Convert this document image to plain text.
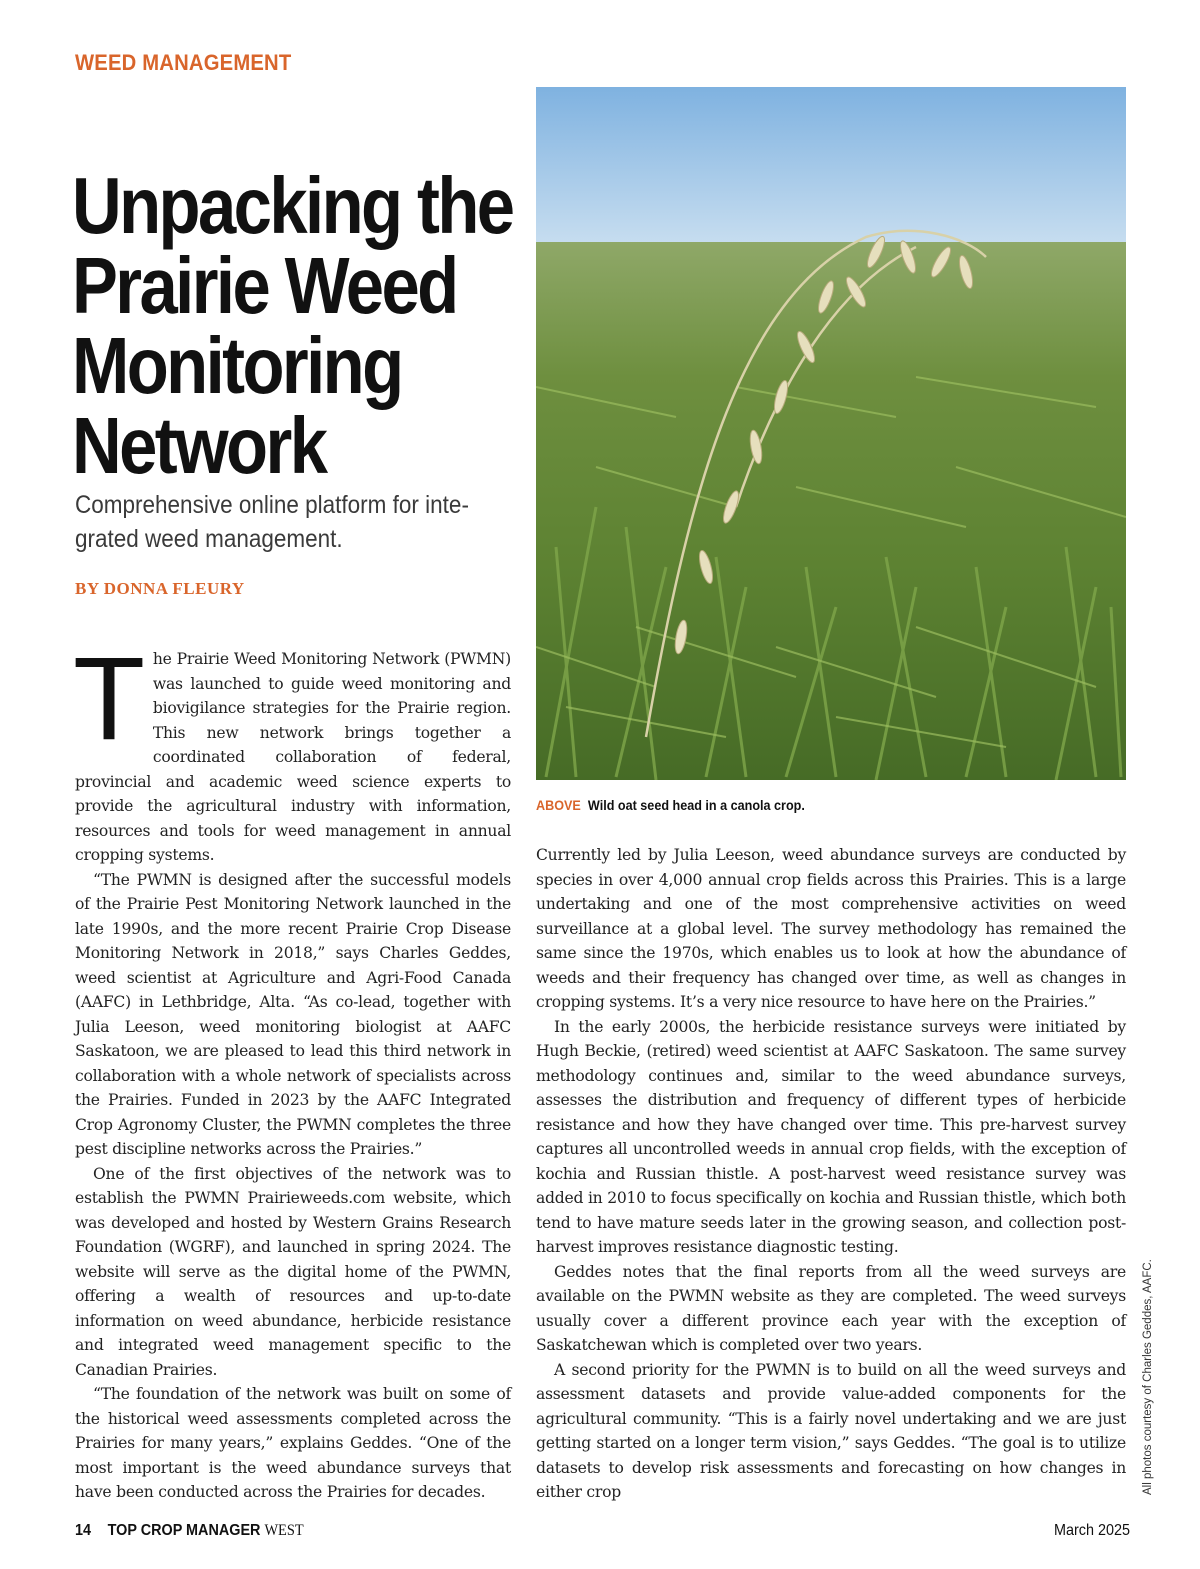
WEED MANAGEMENT
Unpacking the
Prairie Weed
Monitoring
Network
Comprehensive online platform for inte-grated weed management.
BY DONNA FLEURY
ABOVE Wild oat seed head in a canola crop.
All photos courtesy of Charles Geddes, AAFC.

The Prairie Weed Monitoring Network (PWMN) was launched to guide weed monitoring and biovigilance strategies for the Prairie region. This new network brings together a coordinated collaboration of federal, provincial and academic weed science experts to provide the agricultural industry with information, resources and tools for weed management in annual cropping systems.

“The PWMN is designed after the successful models of the Prairie Pest Monitoring Network launched in the late 1990s, and the more recent Prairie Crop Disease Monitoring Network in 2018,” says Charles Geddes, weed scientist at Agriculture and Agri-Food Canada (AAFC) in Lethbridge, Alta. “As co-lead, together with Julia Leeson, weed monitoring biologist at AAFC Saskatoon, we are pleased to lead this third network in collaboration with a whole network of specialists across the Prairies. Funded in 2023 by the AAFC Integrated Crop Agronomy Cluster, the PWMN completes the three pest discipline networks across the Prairies.”

One of the first objectives of the network was to establish the PWMN Prairieweeds.com website, which was developed and hosted by Western Grains Research Foundation (WGRF), and launched in spring 2024. The website will serve as the digital home of the PWMN, offering a wealth of resources and up-to-date information on weed abundance, herbicide resistance and integrated weed management specific to the Canadian Prairies.

“The foundation of the network was built on some of the historical weed assessments completed across the Prairies for many years,” explains Geddes. “One of the most important is the weed abundance surveys that have been conducted across the Prairies for decades.

Currently led by Julia Leeson, weed abundance surveys are conducted by species in over 4,000 annual crop fields across this Prairies. This is a large undertaking and one of the most comprehensive activities on weed surveillance at a global level. The survey methodology has remained the same since the 1970s, which enables us to look at how the abundance of weeds and their frequency has changed over time, as well as changes in cropping systems. It’s a very nice resource to have here on the Prairies.”

In the early 2000s, the herbicide resistance surveys were initiated by Hugh Beckie, (retired) weed scientist at AAFC Saskatoon. The same survey methodology continues and, similar to the weed abundance surveys, assesses the distribution and frequency of different types of herbicide resistance and how they have changed over time. This pre-harvest survey captures all uncontrolled weeds in annual crop fields, with the exception of kochia and Russian thistle. A post-harvest weed resistance survey was added in 2010 to focus specifically on kochia and Russian thistle, which both tend to have mature seeds later in the growing season, and collection post-harvest improves resistance diagnostic testing.

Geddes notes that the final reports from all the weed surveys are available on the PWMN website as they are completed. The weed surveys usually cover a different province each year with the exception of Saskatchewan which is completed over two years.

A second priority for the PWMN is to build on all the weed surveys and assessment datasets and provide value-added components for the agricultural community. “This is a fairly novel undertaking and we are just getting started on a longer term vision,” says Geddes. “The goal is to utilize datasets to develop risk assessments and forecasting on how changes in either crop

14 TOP CROP MANAGER WEST	March 2025
